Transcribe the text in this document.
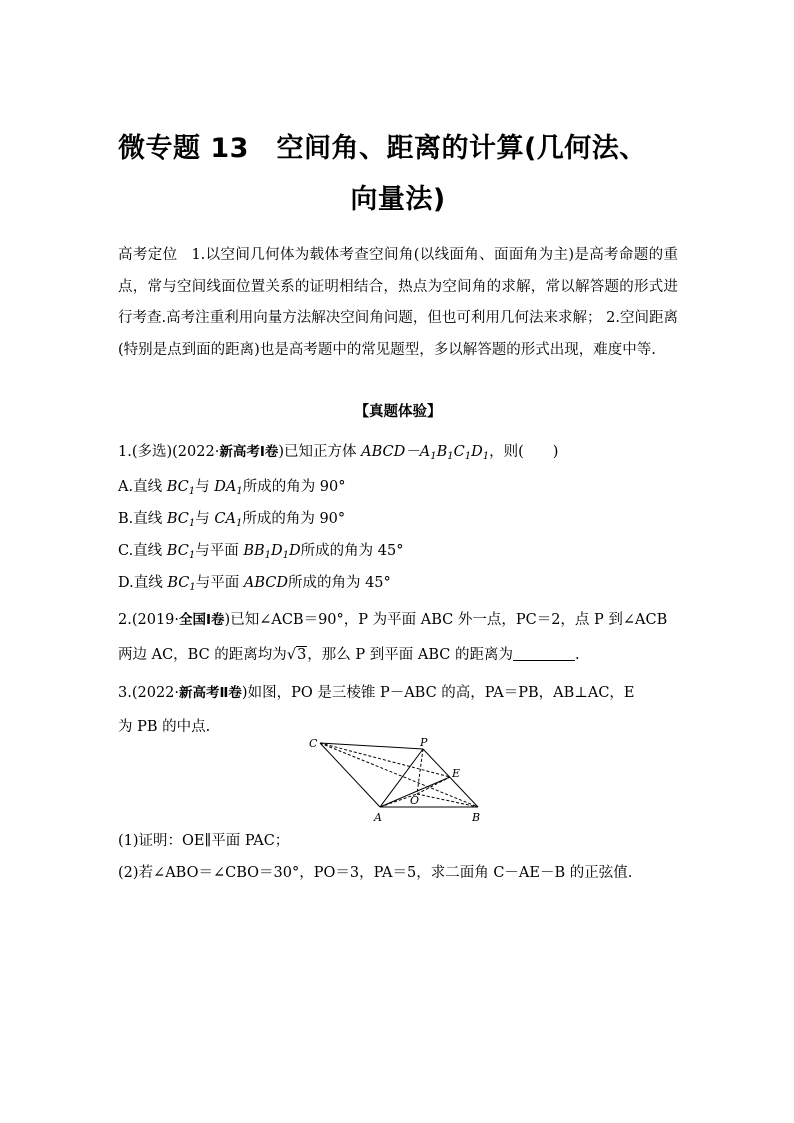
微专题 13　空间角、距离的计算(几何法、
向量法)
高考定位 1.以空间几何体为载体考查空间角(以线面角、面面角为主)是高考命题的重点，常与空间线面位置关系的证明相结合，热点为空间角的求解，常以解答题的形式进行考查.高考注重利用向量方法解决空间角问题，但也可利用几何法来求解； 2.空间距离(特别是点到面的距离)也是高考题中的常见题型，多以解答题的形式出现，难度中等.
【真题体验】
1.(多选)(2022·新高考Ⅰ卷)已知正方体 $ABCD-A_1B_1C_1D_1$，则(　　)
A.直线 $BC_1$与 $DA_1$所成的角为 90°
B.直线 $BC_1$与 $CA_1$所成的角为 90°
C.直线 $BC_1$与平面 $BB_1D_1D$所成的角为 45°
D.直线 $BC_1$与平面 ABCD所成的角为 45°
2.(2019·全国Ⅰ卷)已知∠ACB＝90°，P 为平面 ABC 外一点，PC＝2，点 P 到∠ACB
两边 AC，BC 的距离均为√3，那么 P 到平面 ABC 的距离为	.
3.(2022·新高考Ⅱ卷)如图，PO 是三棱锥 P－ABC 的高，PA＝PB，AB⊥AC，E
为 PB 的中点.
C	P
E
O
A	B
(1)证明：OE∥平面 PAC；
(2)若∠ABO＝∠CBO＝30°，PO＝3，PA＝5，求二面角 C－AE－B 的正弦值.
